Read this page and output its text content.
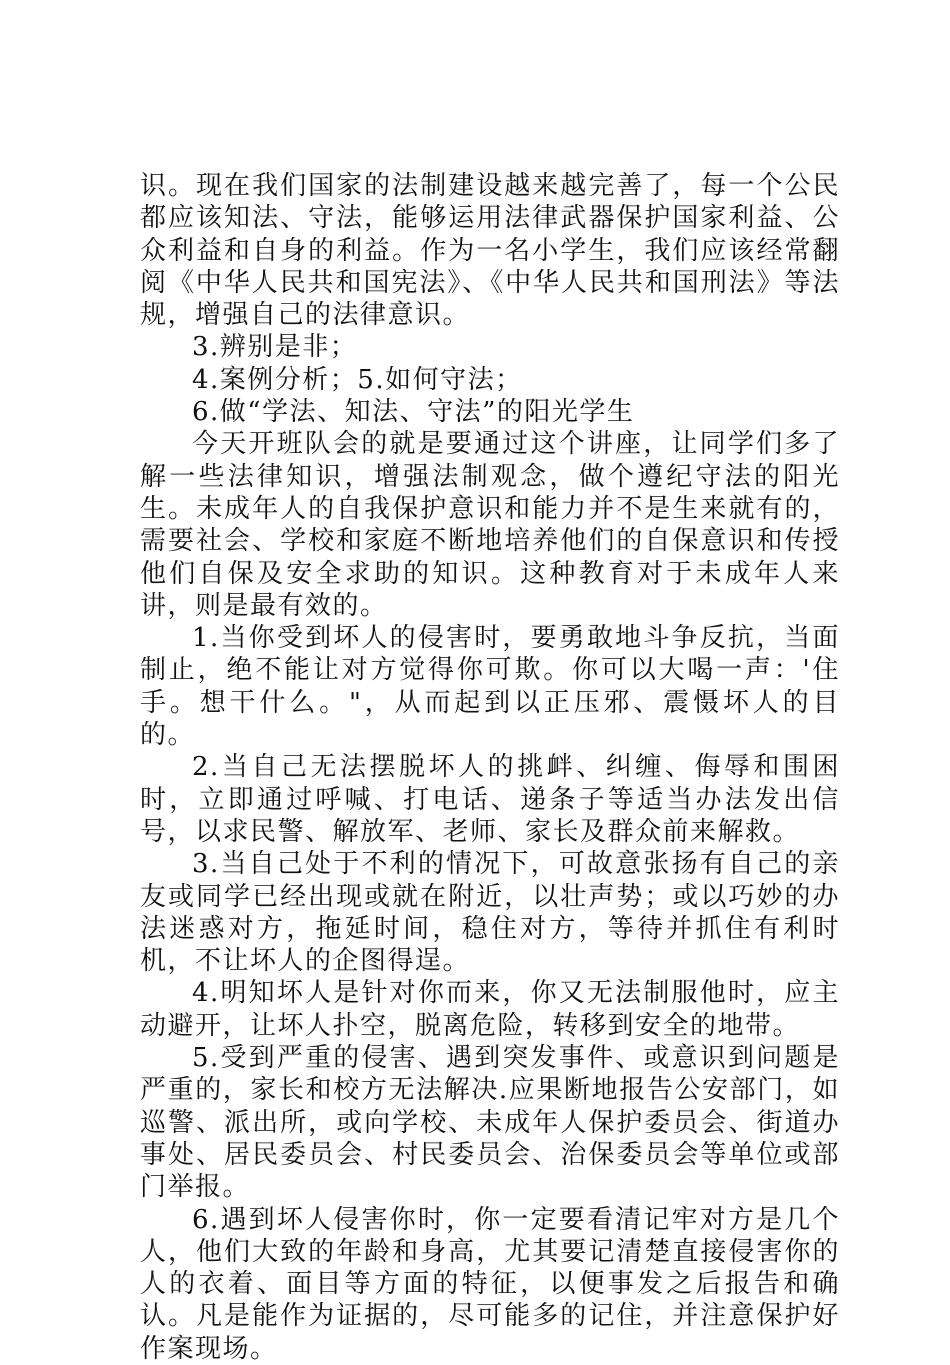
识。现在我们国家的法制建设越来越完善了，每一个公民都应该知法、守法，能够运用法律武器保护国家利益、公众利益和自身的利益。作为一名小学生，我们应该经常翻阅《中华人民共和国宪法》、《中华人民共和国刑法》等法规，增强自己的法律意识。

3.辨别是非；

4.案例分析；5.如何守法；

6.做“学法、知法、守法”的阳光学生

今天开班队会的就是要通过这个讲座，让同学们多了解一些法律知识，增强法制观念，做个遵纪守法的阳光生。未成年人的自我保护意识和能力并不是生来就有的，需要社会、学校和家庭不断地培养他们的自保意识和传授他们自保及安全求助的知识。这种教育对于未成年人来讲，则是最有效的。

1.当你受到坏人的侵害时，要勇敢地斗争反抗，当面制止，绝不能让对方觉得你可欺。你可以大喝一声：'住手。想干什么。"，从而起到以正压邪、震慑坏人的目的。

2.当自己无法摆脱坏人的挑衅、纠缠、侮辱和围困时，立即通过呼喊、打电话、递条子等适当办法发出信号，以求民警、解放军、老师、家长及群众前来解救。

3.当自己处于不利的情况下，可故意张扬有自己的亲友或同学已经出现或就在附近，以壮声势；或以巧妙的办法迷惑对方，拖延时间，稳住对方，等待并抓住有利时机，不让坏人的企图得逞。

4.明知坏人是针对你而来，你又无法制服他时，应主动避开，让坏人扑空，脱离危险，转移到安全的地带。

5.受到严重的侵害、遇到突发事件、或意识到问题是严重的，家长和校方无法解决.应果断地报告公安部门，如巡警、派出所，或向学校、未成年人保护委员会、街道办事处、居民委员会、村民委员会、治保委员会等单位或部门举报。

6.遇到坏人侵害你时，你一定要看清记牢对方是几个人，他们大致的年龄和身高，尤其要记清楚直接侵害你的人的衣着、面目等方面的特征，以便事发之后报告和确认。凡是能作为证据的，尽可能多的记住，并注意保护好作案现场。
